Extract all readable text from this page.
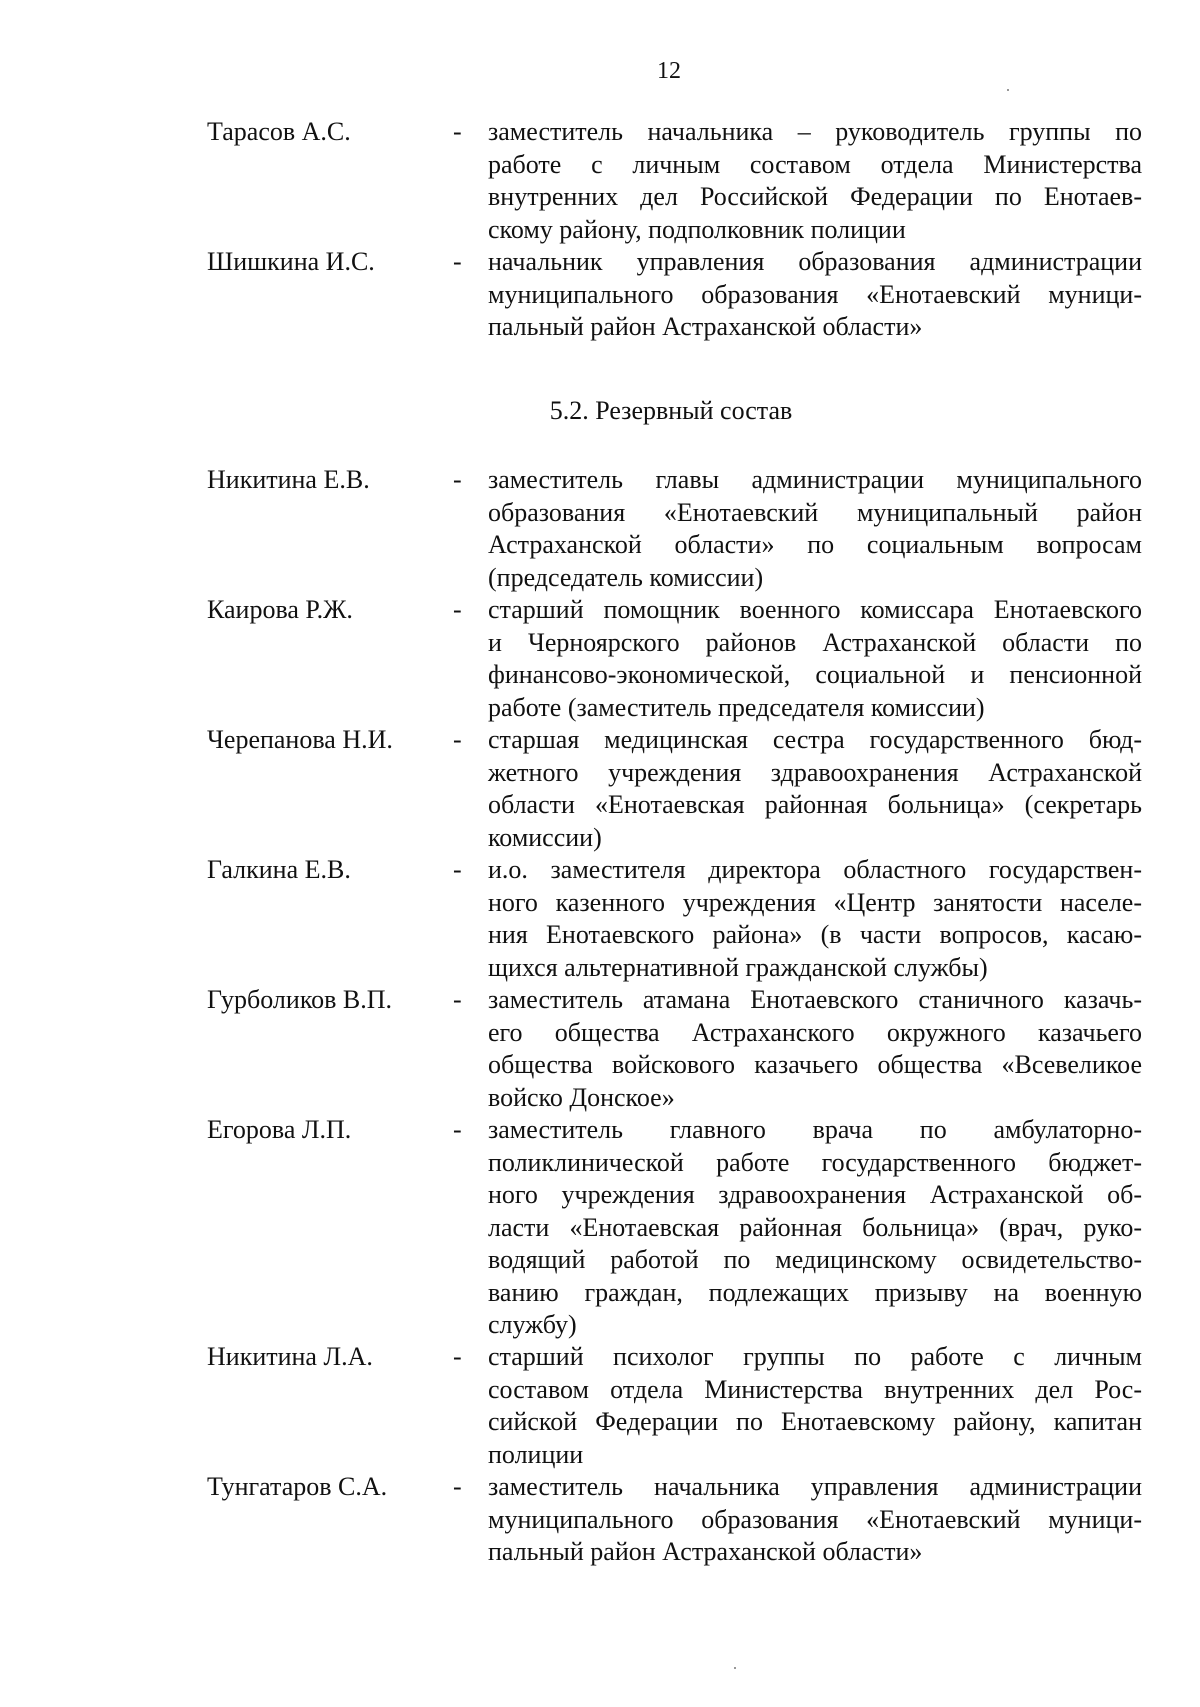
12
Тарасов А.С.	- заместитель начальника – руководитель группы по
работе с личным составом отдела Министерства
внутренних дел Российской Федерации по Енотаев-
скому району, подполковник полиции
Шишкина И.С.	- начальник управления образования администрации
муниципального образования «Енотаевский муници-
пальный район Астраханской области»
5.2. Резервный состав
Никитина Е.В.	- заместитель главы администрации муниципального
образования «Енотаевский муниципальный район
Астраханской области» по социальным вопросам
(председатель комиссии)
Каирова Р.Ж.	- старший помощник военного комиссара Енотаевского
и Черноярского районов Астраханской области по
финансово-экономической, социальной и пенсионной
работе (заместитель председателя комиссии)
Черепанова Н.И. - старшая медицинская сестра государственного бюд-
жетного учреждения здравоохранения Астраханской
области «Енотаевская районная больница» (секретарь
комиссии)
Галкина Е.В.	- и.о. заместителя директора областного государствен-
ного казенного учреждения «Центр занятости населе-
ния Енотаевского района» (в части вопросов, касаю-
щихся альтернативной гражданской службы)
Гурболиков В.П. - заместитель атамана Енотаевского станичного казачь-
его общества Астраханского окружного казачьего
общества войскового казачьего общества «Всевеликое
войско Донское»
Егорова Л.П.	- заместитель главного врача по амбулаторно-
поликлинической работе государственного бюджет-
ного учреждения здравоохранения Астраханской об-
ласти «Енотаевская районная больница» (врач, руко-
водящий работой по медицинскому освидетельство-
ванию граждан, подлежащих призыву на военную
службу)
Никитина Л.А.	- старший психолог группы по работе с личным
составом отдела Министерства внутренних дел Рос-
сийской Федерации по Енотаевскому району, капитан
полиции
Тунгатаров С.А.	- заместитель начальника управления администрации
муниципального образования «Енотаевский муници-
пальный район Астраханской области»
